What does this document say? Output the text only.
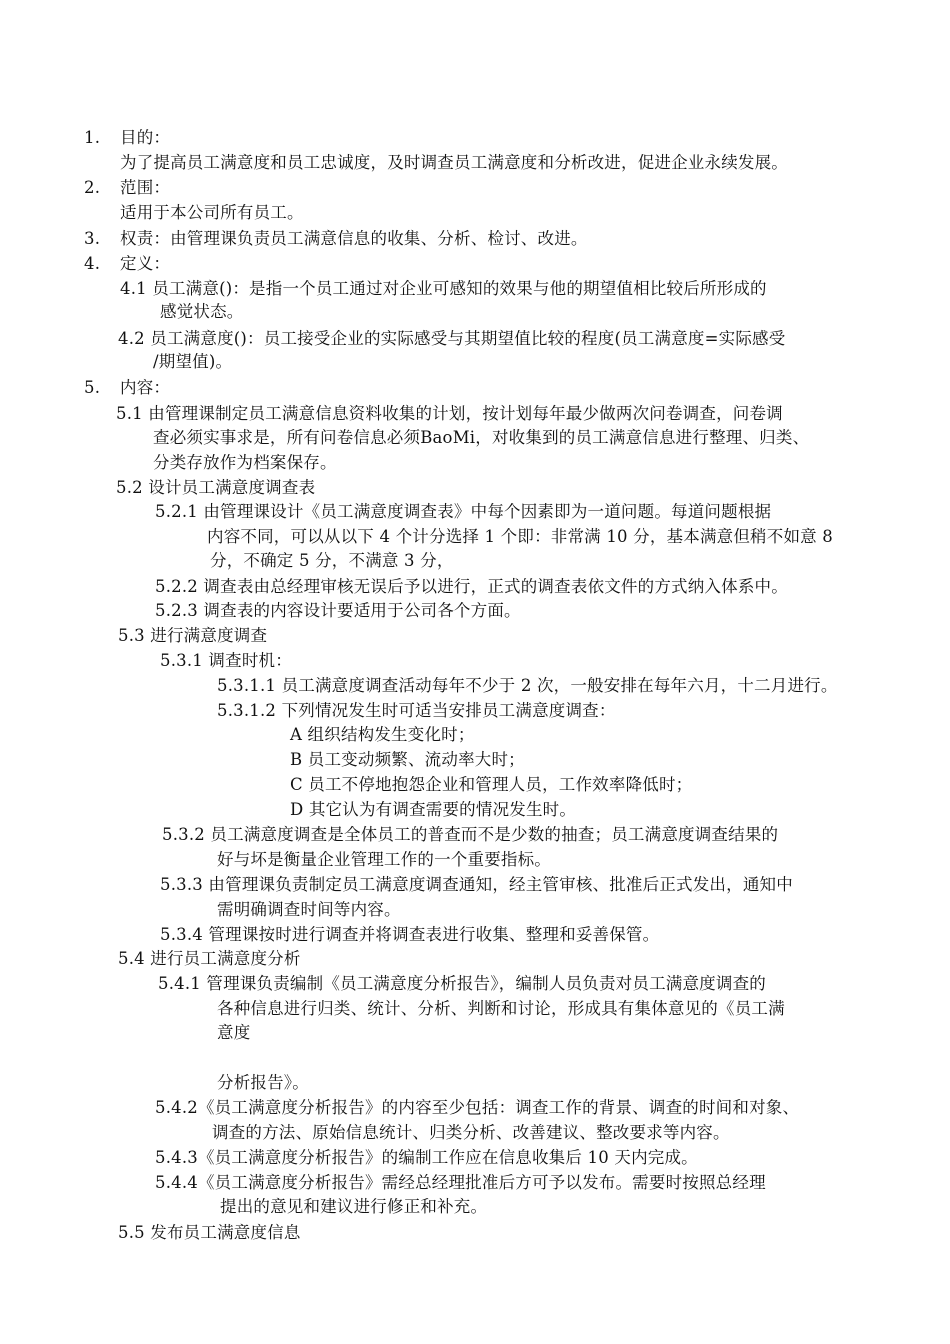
1. 目的：
为了提高员工满意度和员工忠诚度，及时调查员工满意度和分析改进，促进企业永续发展。
2. 范围：
适用于本公司所有员工。
3. 权责：由管理课负责员工满意信息的收集、分析、检讨、改进。
4. 定义：
4.1 员工满意()：是指一个员工通过对企业可感知的效果与他的期望值相比较后所形成的
感觉状态。
4.2 员工满意度()：员工接受企业的实际感受与其期望值比较的程度(员工满意度=实际感受
/期望值)。
5. 内容：
5.1 由管理课制定员工满意信息资料收集的计划，按计划每年最少做两次问卷调查，问卷调
查必须实事求是，所有问卷信息必须BaoMi，对收集到的员工满意信息进行整理、归类、
分类存放作为档案保存。
5.2 设计员工满意度调查表
5.2.1 由管理课设计《员工满意度调查表》中每个因素即为一道问题。每道问题根据
内容不同，可以从以下 4 个计分选择 1 个即：非常满 10 分，基本满意但稍不如意 8
分，不确定 5 分，不满意 3 分，
5.2.2 调查表由总经理审核无误后予以进行，正式的调查表依文件的方式纳入体系中。
5.2.3 调查表的内容设计要适用于公司各个方面。
5.3 进行满意度调查
5.3.1 调查时机：
5.3.1.1 员工满意度调查活动每年不少于 2 次，一般安排在每年六月，十二月进行。
5.3.1.2 下列情况发生时可适当安排员工满意度调查：
A 组织结构发生变化时；
B 员工变动频繁、流动率大时；
C 员工不停地抱怨企业和管理人员，工作效率降低时；
D 其它认为有调查需要的情况发生时。
5.3.2 员工满意度调查是全体员工的普查而不是少数的抽查；员工满意度调查结果的
好与坏是衡量企业管理工作的一个重要指标。
5.3.3 由管理课负责制定员工满意度调查通知，经主管审核、批准后正式发出，通知中
需明确调查时间等内容。
5.3.4 管理课按时进行调查并将调查表进行收集、整理和妥善保管。
5.4 进行员工满意度分析
5.4.1 管理课负责编制《员工满意度分析报告》，编制人员负责对员工满意度调查的
各种信息进行归类、统计、分析、判断和讨论，形成具有集体意见的《员工满
意度
分析报告》。
5.4.2《员工满意度分析报告》的内容至少包括：调查工作的背景、调查的时间和对象、
调查的方法、原始信息统计、归类分析、改善建议、整改要求等内容。
5.4.3《员工满意度分析报告》的编制工作应在信息收集后 10 天内完成。
5.4.4《员工满意度分析报告》需经总经理批准后方可予以发布。需要时按照总经理
提出的意见和建议进行修正和补充。
5.5 发布员工满意度信息
